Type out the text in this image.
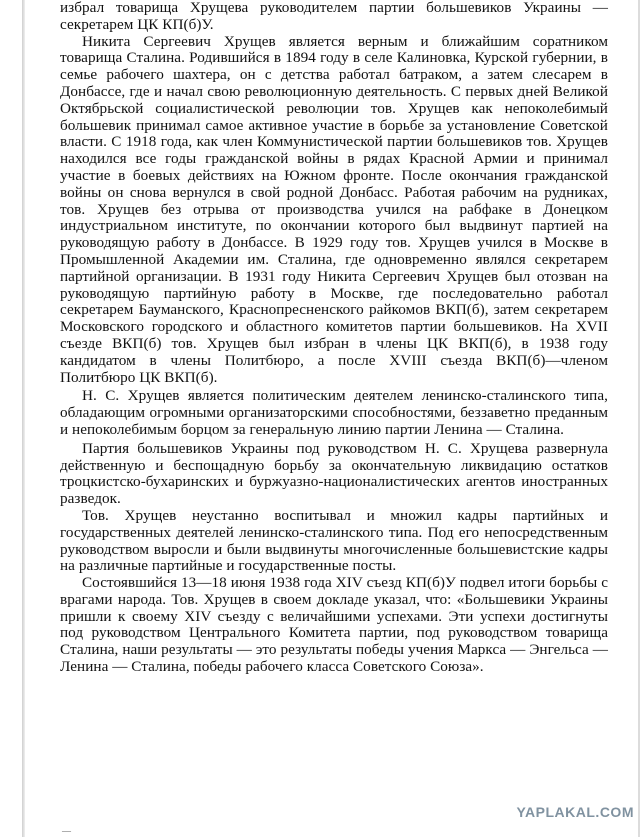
избрал товарища Хрущева руководителем партии большевиков Украины — секретарем ЦК КП(б)У.

Никита Сергеевич Хрущев является верным и ближайшим соратником товарища Сталина. Родившийся в 1894 году в селе Калиновка, Курской губернии, в семье рабочего шахтера, он с детства работал батраком, а затем слесарем в Донбассе, где и начал свою революционную деятельность. С первых дней Великой Октябрьской социалистической революции тов. Хрущев как непоколебимый большевик принимал самое активное участие в борьбе за установление Советской власти. С 1918 года, как член Коммунистической партии большевиков тов. Хрущев находился все годы гражданской войны в рядах Красной Армии и принимал участие в боевых действиях на Южном фронте. После окончания гражданской войны он снова вернулся в свой родной Донбасс. Работая рабочим на рудниках, тов. Хрущев без отрыва от производства учился на рабфаке в Донецком индустриальном институте, по окончании которого был выдвинут партией на руководящую работу в Донбассе. В 1929 году тов. Хрущев учился в Москве в Промышленной Академии им. Сталина, где одновременно являлся секретарем партийной организации. В 1931 году Никита Сергеевич Хрущев был отозван на руководящую партийную работу в Москве, где последовательно работал секретарем Бауманского, Краснопресненского райкомов ВКП(б), затем секретарем Московского городского и областного комитетов партии большевиков. На XVII съезде ВКП(б) тов. Хрущев был избран в члены ЦК ВКП(б), в 1938 году кандидатом в члены Политбюро, а после XVIII съезда ВКП(б)—членом Политбюро ЦК ВКП(б).

Н. С. Хрущев является политическим деятелем ленинско-сталинского типа, обладающим огромными организаторскими способностями, беззаветно преданным и непоколебимым борцом за генеральную линию партии Ленина — Сталина.

Партия большевиков Украины под руководством Н. С. Хрущева развернула действенную и беспощадную борьбу за окончательную ликвидацию остатков троцкистско-бухаринских и буржуазно-националистических агентов иностранных разведок.

Тов. Хрущев неустанно воспитывал и множил кадры партийных и государственных деятелей ленинско-сталинского типа. Под его непосредственным руководством выросли и были выдвинуты многочисленные большевистские кадры на различные партийные и государственные посты.

Состоявшийся 13—18 июня 1938 года XIV съезд КП(б)У подвел итоги борьбы с врагами народа. Тов. Хрущев в своем докладе указал, что: «Большевики Украины пришли к своему XIV съезду с величайшими успехами. Эти успехи достигнуты под руководством Центрального Комитета партии, под руководством товарища Сталина, наши результаты — это результаты победы учения Маркса — Энгельса — Ленина — Сталина, победы рабочего класса Советского Союза».

YAPLAKAL.COM
—
